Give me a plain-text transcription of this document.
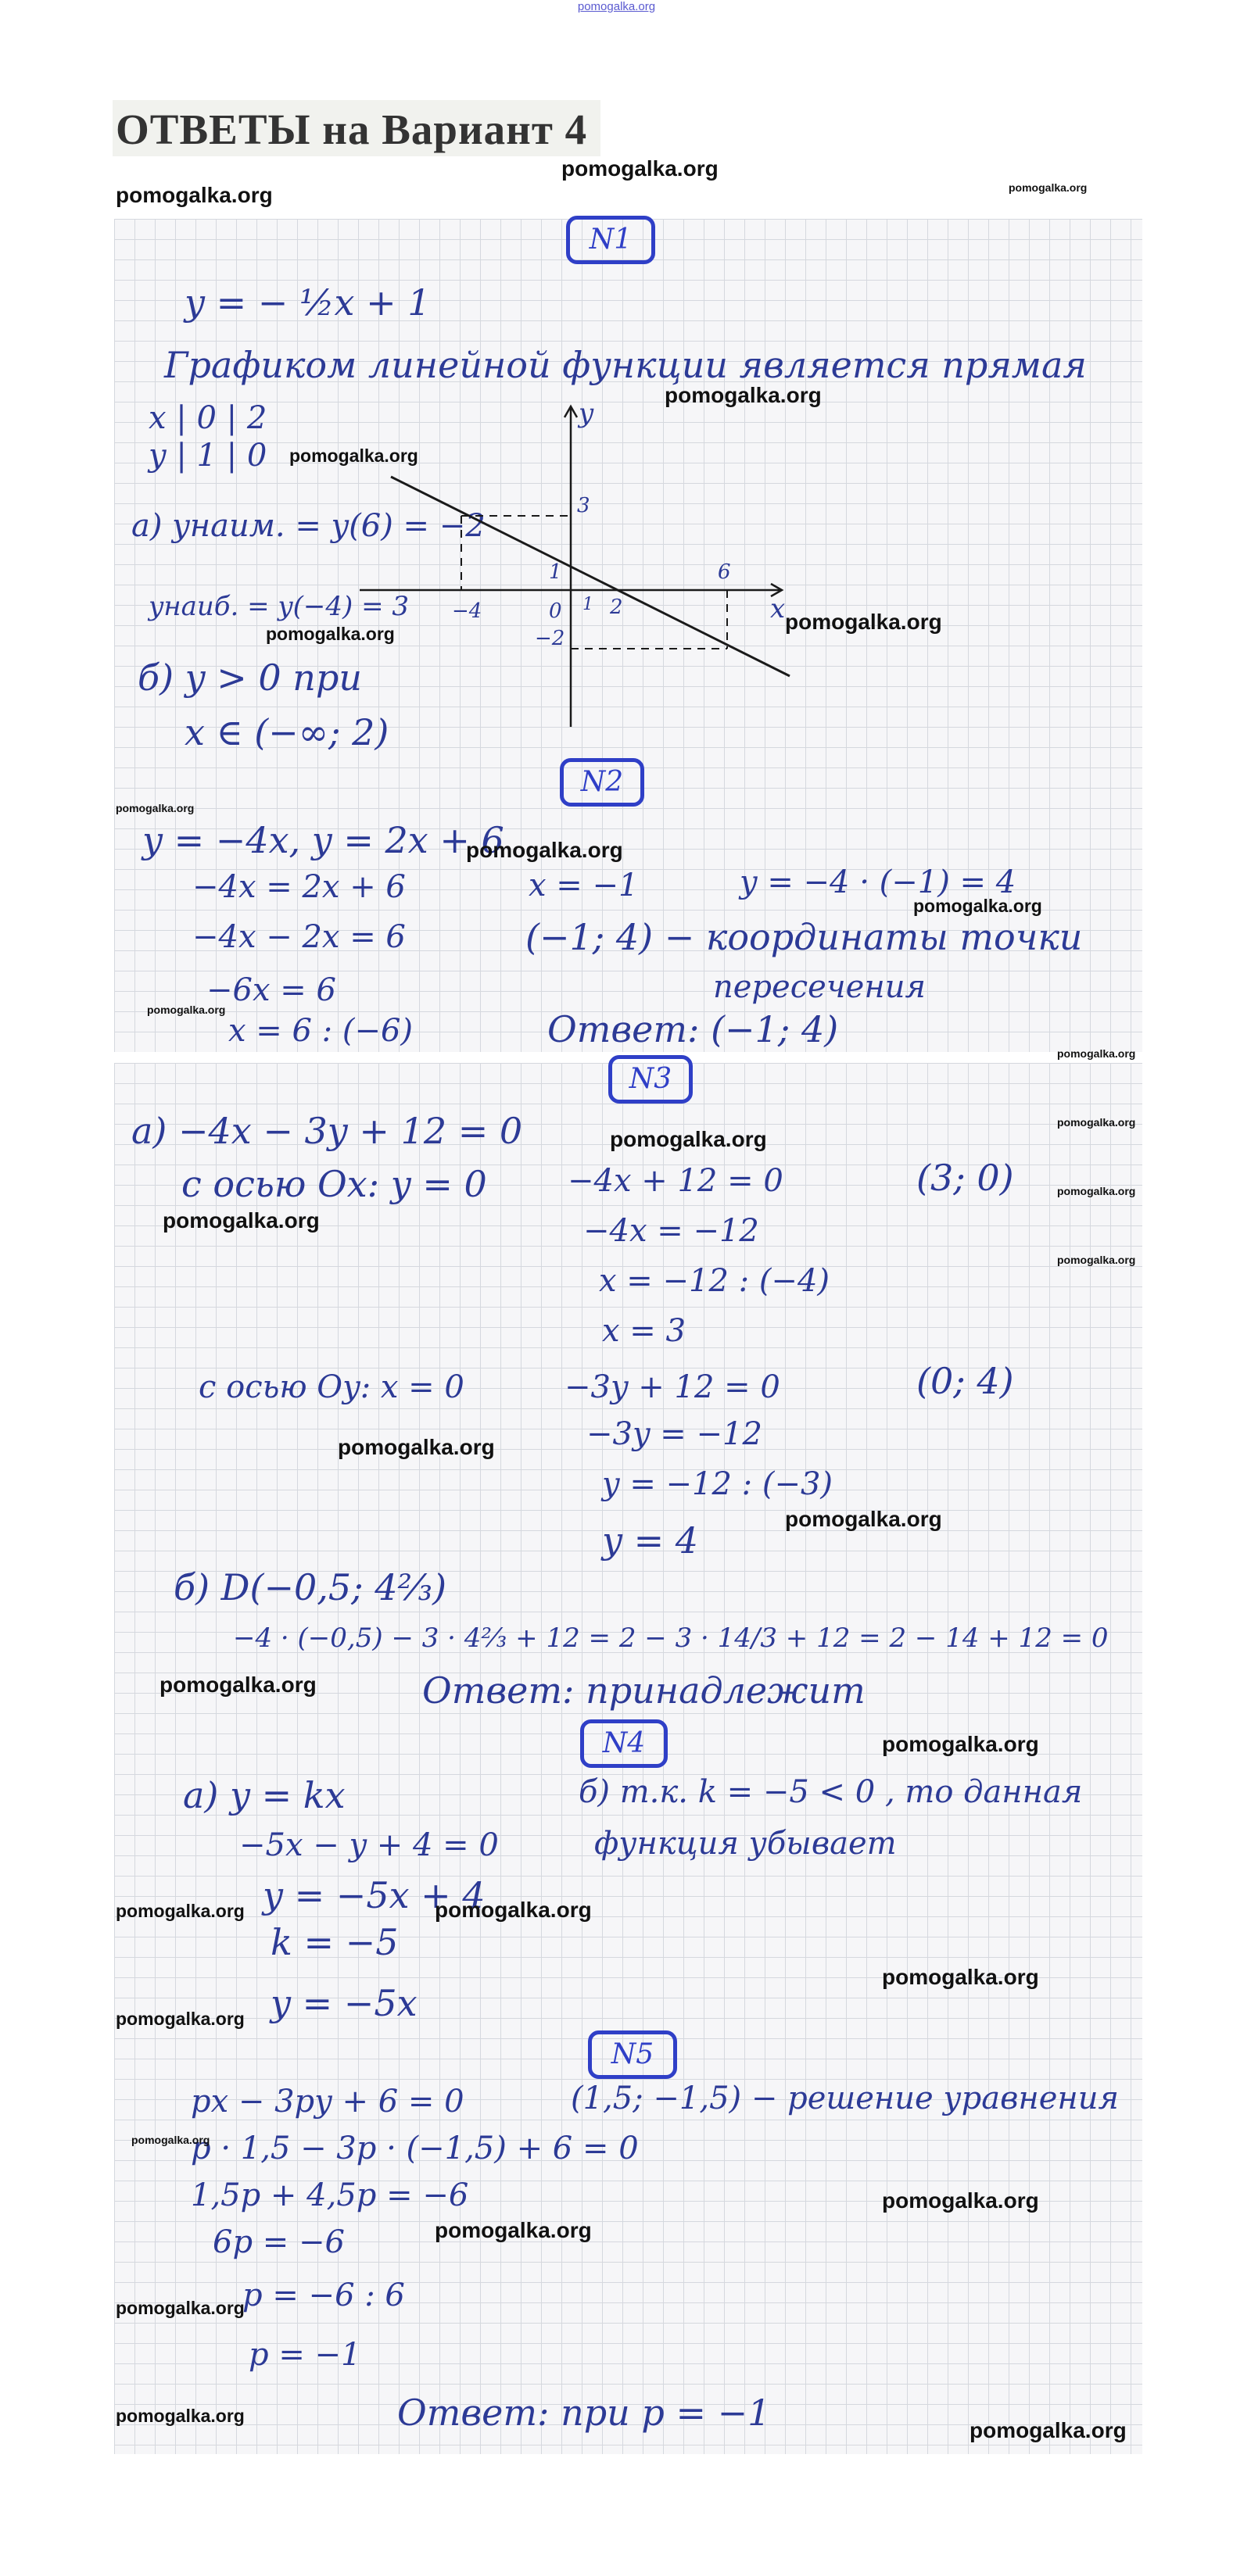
pomogalka.org
ОТВЕТЫ на Вариант 4
N1
y = − ½x + 1
Графиком линейной функции является прямая
x | 0 | 2
y | 1 | 0
а) yнаим. = y(6) = −2
yнаиб. = y(−4) = 3
б) y > 0 при
x ∈ (−∞; 2)
y
x
−4	0 1 2
6
3
1
−2
N2
y = −4x, y = 2x + 6
−4x = 2x + 6
−4x − 2x = 6
−6x = 6
x = 6 : (−6)
x = −1	y = −4 · (−1) = 4
(−1; 4) − координаты точки
пересечения
Ответ: (−1; 4)
N3
а) −4x − 3y + 12 = 0
с осью Ox: y = 0	−4x + 12 = 0
−4x = −12
x = −12 : (−4)
x = 3
(3; 0)
с осью Oy: x = 0	−3y + 12 = 0
−3y = −12
y = −12 : (−3)
y = 4
(0; 4)
б) D(−0,5; 4⅔)
−4 · (−0,5) − 3 · 4⅔ + 12 = 2 − 3 · 14/3 + 12 = 2 − 14 + 12 = 0
Ответ: принадлежит
N4
а) y = kx
−5x − y + 4 = 0
y = −5x + 4
k = −5
y = −5x
б) т.к. k = −5 < 0 , то данная
функция убывает
N5
px − 3py + 6 = 0	(1,5; −1,5) − решение уравнения
p · 1,5 − 3p · (−1,5) + 6 = 0
1,5p + 4,5p = −6
6p = −6
p = −6 : 6
p = −1
Ответ: при p = −1
pomogalka.org
pomogalka.org	pomogalka.org
pomogalka.org
pomogalka.org
pomogalka.org	pomogalka.org
pomogalka.org
pomogalka.org
pomogalka.org
pomogalka.org
pomogalka.org
pomogalka.org
pomogalka.org
pomogalka.org
pomogalka.org
pomogalka.org
pomogalka.org
pomogalka.org
pomogalka.org
pomogalka.org
pomogalka.org	pomogalka.org
pomogalka.org
pomogalka.org
pomogalka.org
pomogalka.org
pomogalka.org
pomogalka.org
pomogalka.org
pomogalka.org
